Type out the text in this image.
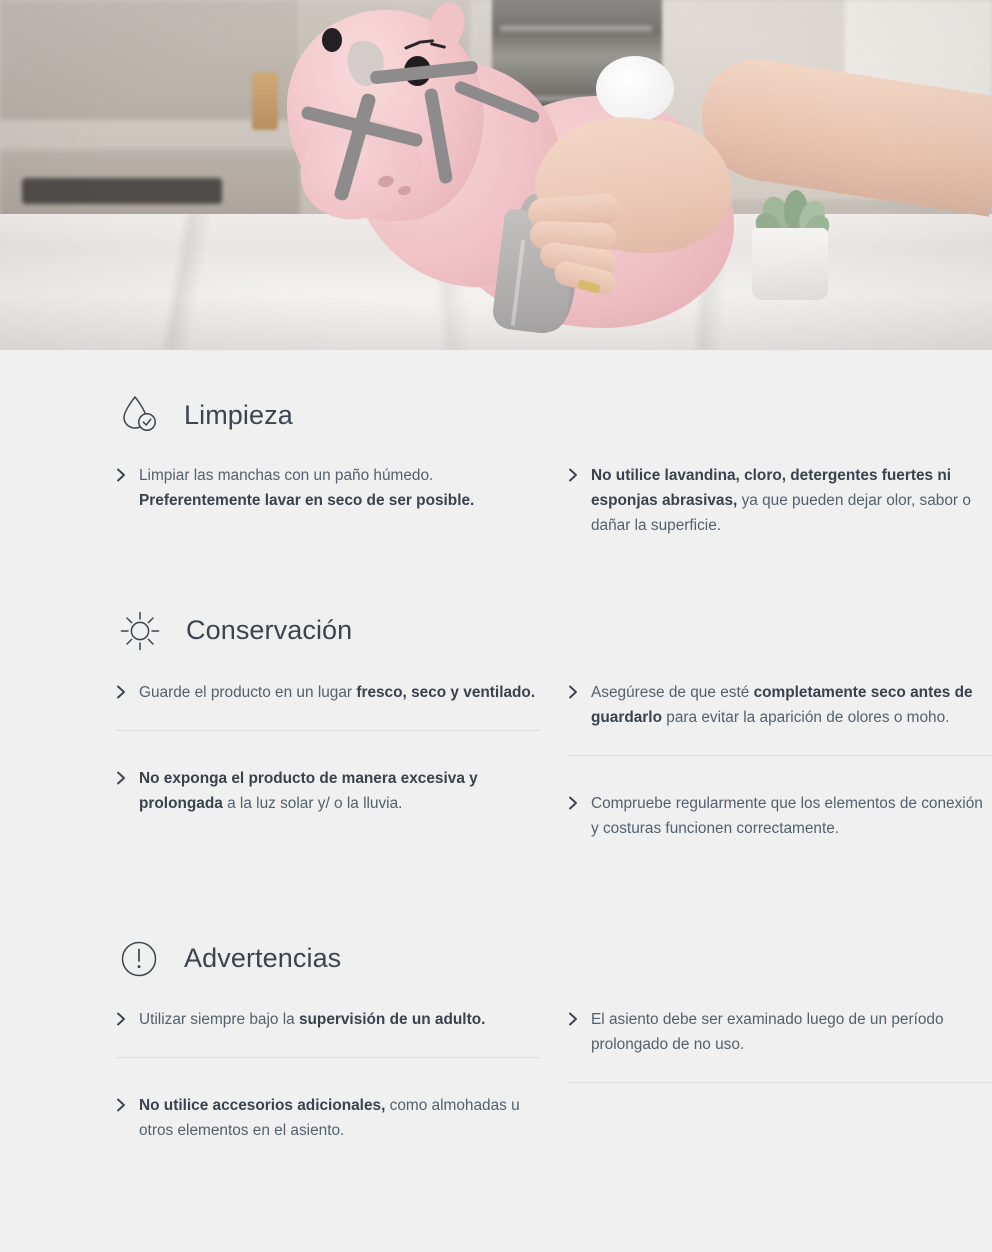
Limpieza
Limpiar las manchas con un paño húmedo. Preferentemente lavar en seco de ser posible.
No utilice lavandina, cloro, detergentes fuertes ni esponjas abrasivas, ya que pueden dejar olor, sabor o dañar la superficie.
Conservación
Guarde el producto en un lugar fresco, seco y ventilado.
No exponga el producto de manera excesiva y prolongada a la luz solar y/ o la lluvia.
Asegúrese de que esté completamente seco antes de guardarlo para evitar la aparición de olores o moho.
Compruebe regularmente que los elementos de conexión y costuras funcionen correctamente.
Advertencias
Utilizar siempre bajo la supervisión de un adulto.
No utilice accesorios adicionales, como almohadas u otros elementos en el asiento.
El asiento debe ser examinado luego de un período prolongado de no uso.
